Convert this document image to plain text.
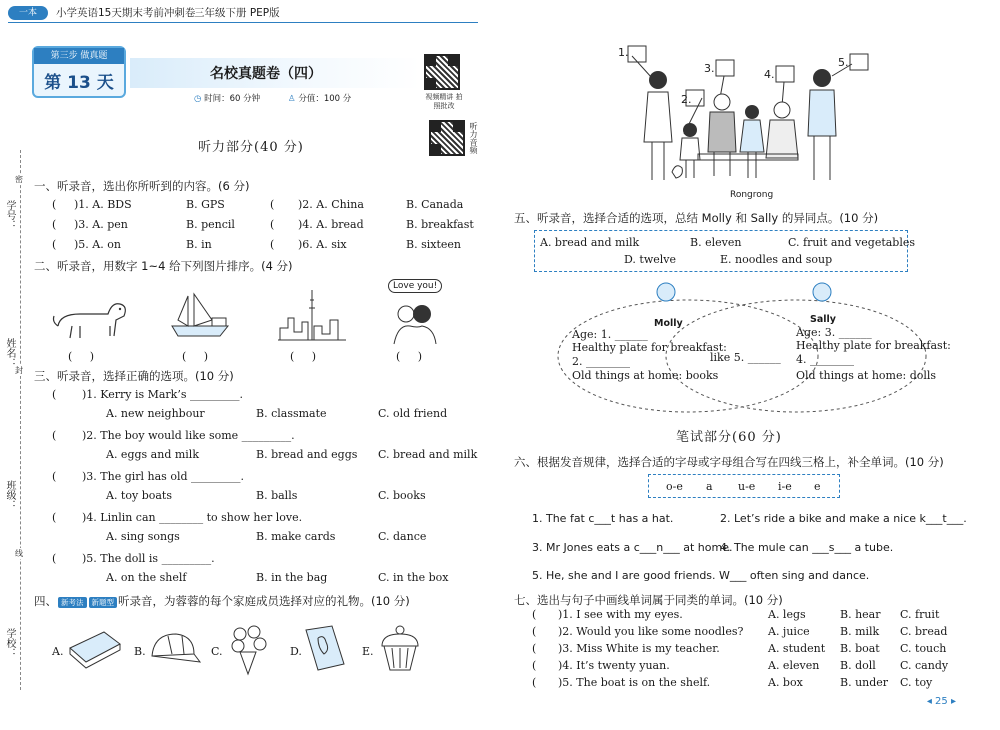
一本	小学英语15天期末考前冲刺卷
三年级下册 PEP版
第三步 做真题
第 13 天	名校真题卷（四）
◷ 时间：60 分钟	♙ 分值：100 分	视频精讲 拍照批改
听力音频
学号：
姓名：
班级：
学校：
密
封
线
听力部分(40 分)
一、听录音，选出你所听到的内容。(6 分)
( )1. A. BDS	B. GPS	( )2. A. China	B. Canada
( )3. A. pen	B. pencil	( )4. A. bread	B. breakfast
( )5. A. on	B. in	( )6. A. six	B. sixteen
二、听录音，用数字 1~4 给下列图片排序。(4 分)
Love you!
( )	( )	( )	( )
三、听录音，选择正确的选项。(10 分)
( )1. Kerry is Mark’s _________.
A. new neighbour	B. classmate	C. old friend
( )2. The boy would like some _________.
A. eggs and milk	B. bread and eggs C. bread and milk
( )3. The girl has old _________.
A. toy boats	B. balls	C. books
( )4. Linlin can ________ to show her love.
A. sing songs	B. make cards	C. dance
( )5. The doll is _________.
A. on the shelf	B. in the bag	C. in the box
四、 新考法 新题型 听录音，为蓉蓉的每个家庭成员选择对应的礼物。(10 分)
A.	B.	C.	D.	E.
1.
2.
3.	4.
5.
Rongrong
五、听录音，选择合适的选项，总结 Molly 和 Sally 的异同点。(10 分)
A. bread and milk	B. eleven	C. fruit and vegetables
D. twelve	E. noodles and soup
Molly
Age: 1. ______
Healthy plate for breakfast:
2. ________
Old things at home: books
Sally
Age: 3. ______
Healthy plate for breakfast:
4. ________
Old things at home: dolls
like 5. ______
笔试部分(60 分)
六、根据发音规律，选择合适的字母或字母组合写在四线三格上，补全单词。(10 分)
o-e a u-e i-e e
1. The fat c___t has a hat.	2. Let’s ride a bike and make a nice k___t___.
3. Mr Jones eats a c___n___ at home.
4. The mule can ___s___ a tube.
5. He, she and I are good friends. W___ often sing and dance.
七、选出与句子中画线单词属于同类的单词。(10 分)
( )1. I see with my eyes.	A. legs	B. hear C. fruit
( )2. Would you like some noodles? A. juice	B. milk C. bread
( )3. Miss White is my teacher.	A. student B. boat C. touch
( )4. It’s twenty yuan.	A. eleven B. doll C. candy
( )5. The boat is on the shelf.	A. box	B. under C. toy
◂ 25 ▸
